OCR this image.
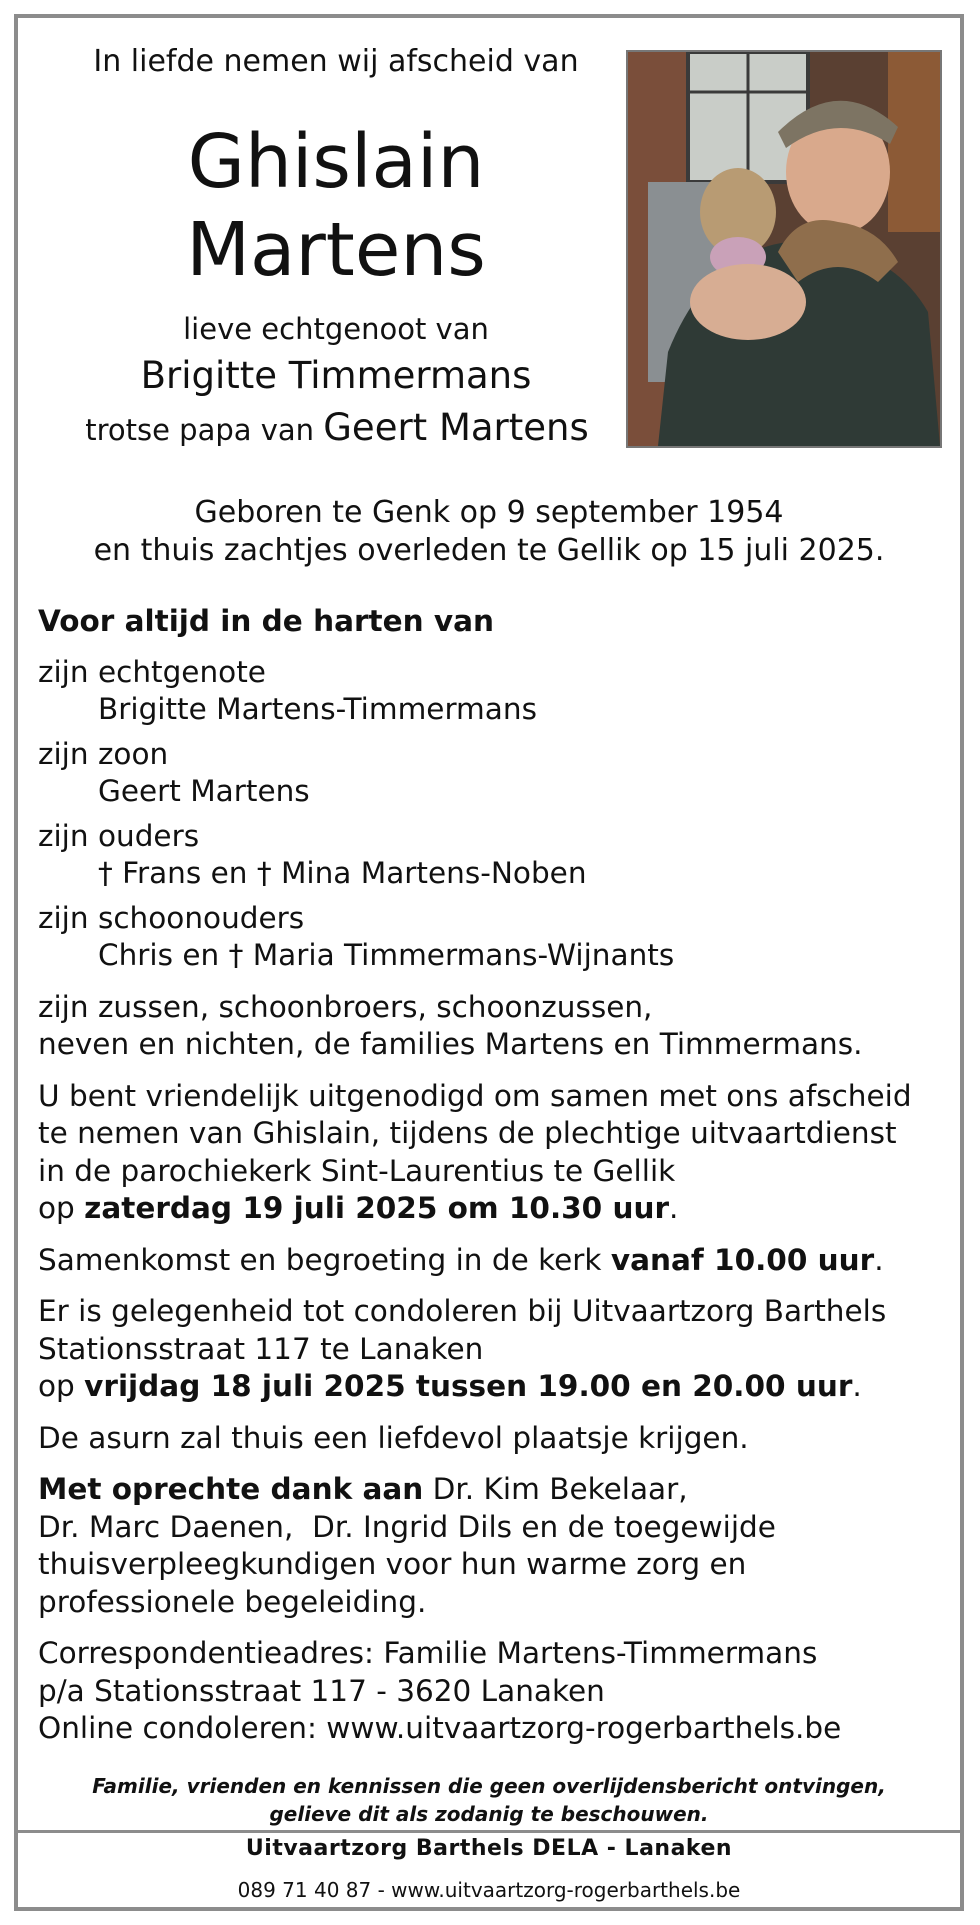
In liefde nemen wij afscheid van
Ghislain
Martens
lieve echtgenoot van
Brigitte Timmermans
trotse papa van Geert Martens
Geboren te Genk op 9 september 1954
en thuis zachtjes overleden te Gellik op 15 juli 2025.

Voor altijd in de harten van

zijn echtgenote

Brigitte Martens-Timmermans

zijn zoon

Geert Martens

zijn ouders

† Frans en † Mina Martens-Noben

zijn schoonouders

Chris en † Maria Timmermans-Wijnants

zijn zussen, schoonbroers, schoonzussen,

neven en nichten, de families Martens en Timmermans.

U bent vriendelijk uitgenodigd om samen met ons afscheid

te nemen van Ghislain, tijdens de plechtige uitvaartdienst

in de parochiekerk Sint-Laurentius te Gellik

op zaterdag 19 juli 2025 om 10.30 uur.

Samenkomst en begroeting in de kerk vanaf 10.00 uur.

Er is gelegenheid tot condoleren bij Uitvaartzorg Barthels

Stationsstraat 117 te Lanaken

op vrijdag 18 juli 2025 tussen 19.00 en 20.00 uur.

De asurn zal thuis een liefdevol plaatsje krijgen.

Met oprechte dank aan Dr. Kim Bekelaar,

Dr. Marc Daenen,  Dr. Ingrid Dils en de toegewijde

thuisverpleegkundigen voor hun warme zorg en

professionele begeleiding.

Correspondentieadres: Familie Martens-Timmermans

p/a Stationsstraat 117 - 3620 Lanaken

Online condoleren: www.uitvaartzorg-rogerbarthels.be

Familie, vrienden en kennissen die geen overlijdensbericht ontvingen,
gelieve dit als zodanig te beschouwen.
Uitvaartzorg Barthels DELA - Lanaken
089 71 40 87 - www.uitvaartzorg-rogerbarthels.be
